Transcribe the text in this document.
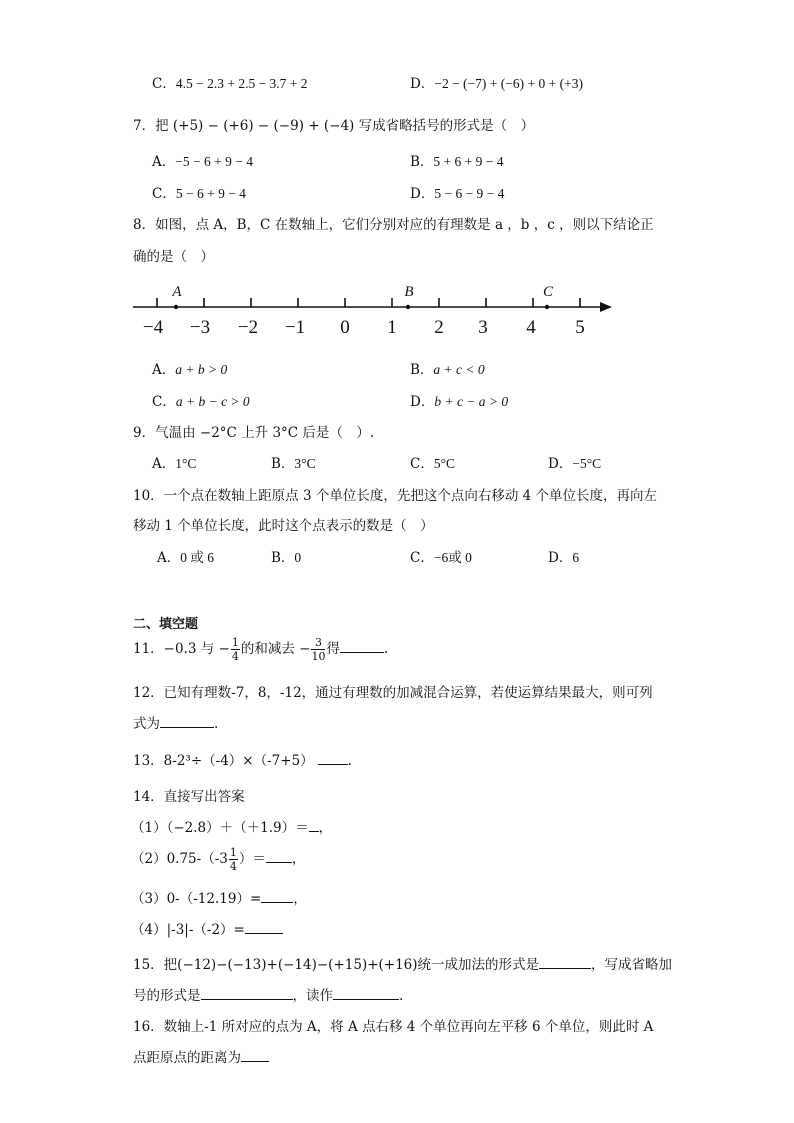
C．4.5 − 2.3 + 2.5 − 3.7 + 2	D．−2 − (−7) + (−6) + 0 + (+3)
7．把 (+5) − (+6) − (−9) + (−4) 写成省略括号的形式是（　）
A．−5 − 6 + 9 − 4	B．5 + 6 + 9 − 4
C．5 − 6 + 9 − 4	D．5 − 6 − 9 − 4
8．如图，点 A，B，C 在数轴上，它们分别对应的有理数是 a ，b ，c ，则以下结论正
确的是（　）
−4 −3 −2 −1 0 1 2 3 4 5
A	B	C
A．a + b > 0	B．a + c < 0
C．a + b − c > 0	D．b + c − a > 0
9．气温由 −2°C 上升 3°C 后是（　）.
A．1°C	B．3°C	C．5°C	D．−5°C
10．一个点在数轴上距原点 3 个单位长度，先把这个点向右移动 4 个单位长度，再向左
移动 1 个单位长度，此时这个点表示的数是（　）
A．0 或 6	B．0	C．−6或 0	D．6
二、填空题
11．−0.3 与 − $\frac{1}{4}$ 的和减去 − $\frac{3}{10}$ 得	.
12．已知有理数-7，8，-12，通过有理数的加减混合运算，若使运算结果最大，则可列
式为	.
13．8-2³÷（-4）×（-7+5）	.
14．直接写出答案
（1）（−2.8）＋（＋1.9）＝ ，
$(2)0.75-(-3 \frac{1}{4}$ ）＝ ，
（3）0-（-12.19）= ，
（4）|-3|-（-2）=
15．把(−12)−(−13)+(−14)−(+15)+(+16)统一成加法的形式是	，写成省略加
号的形式是	，读作	.
16．数轴上-1 所对应的点为 A，将 A 点右移 4 个单位再向左平移 6 个单位，则此时 A
点距原点的距离为
